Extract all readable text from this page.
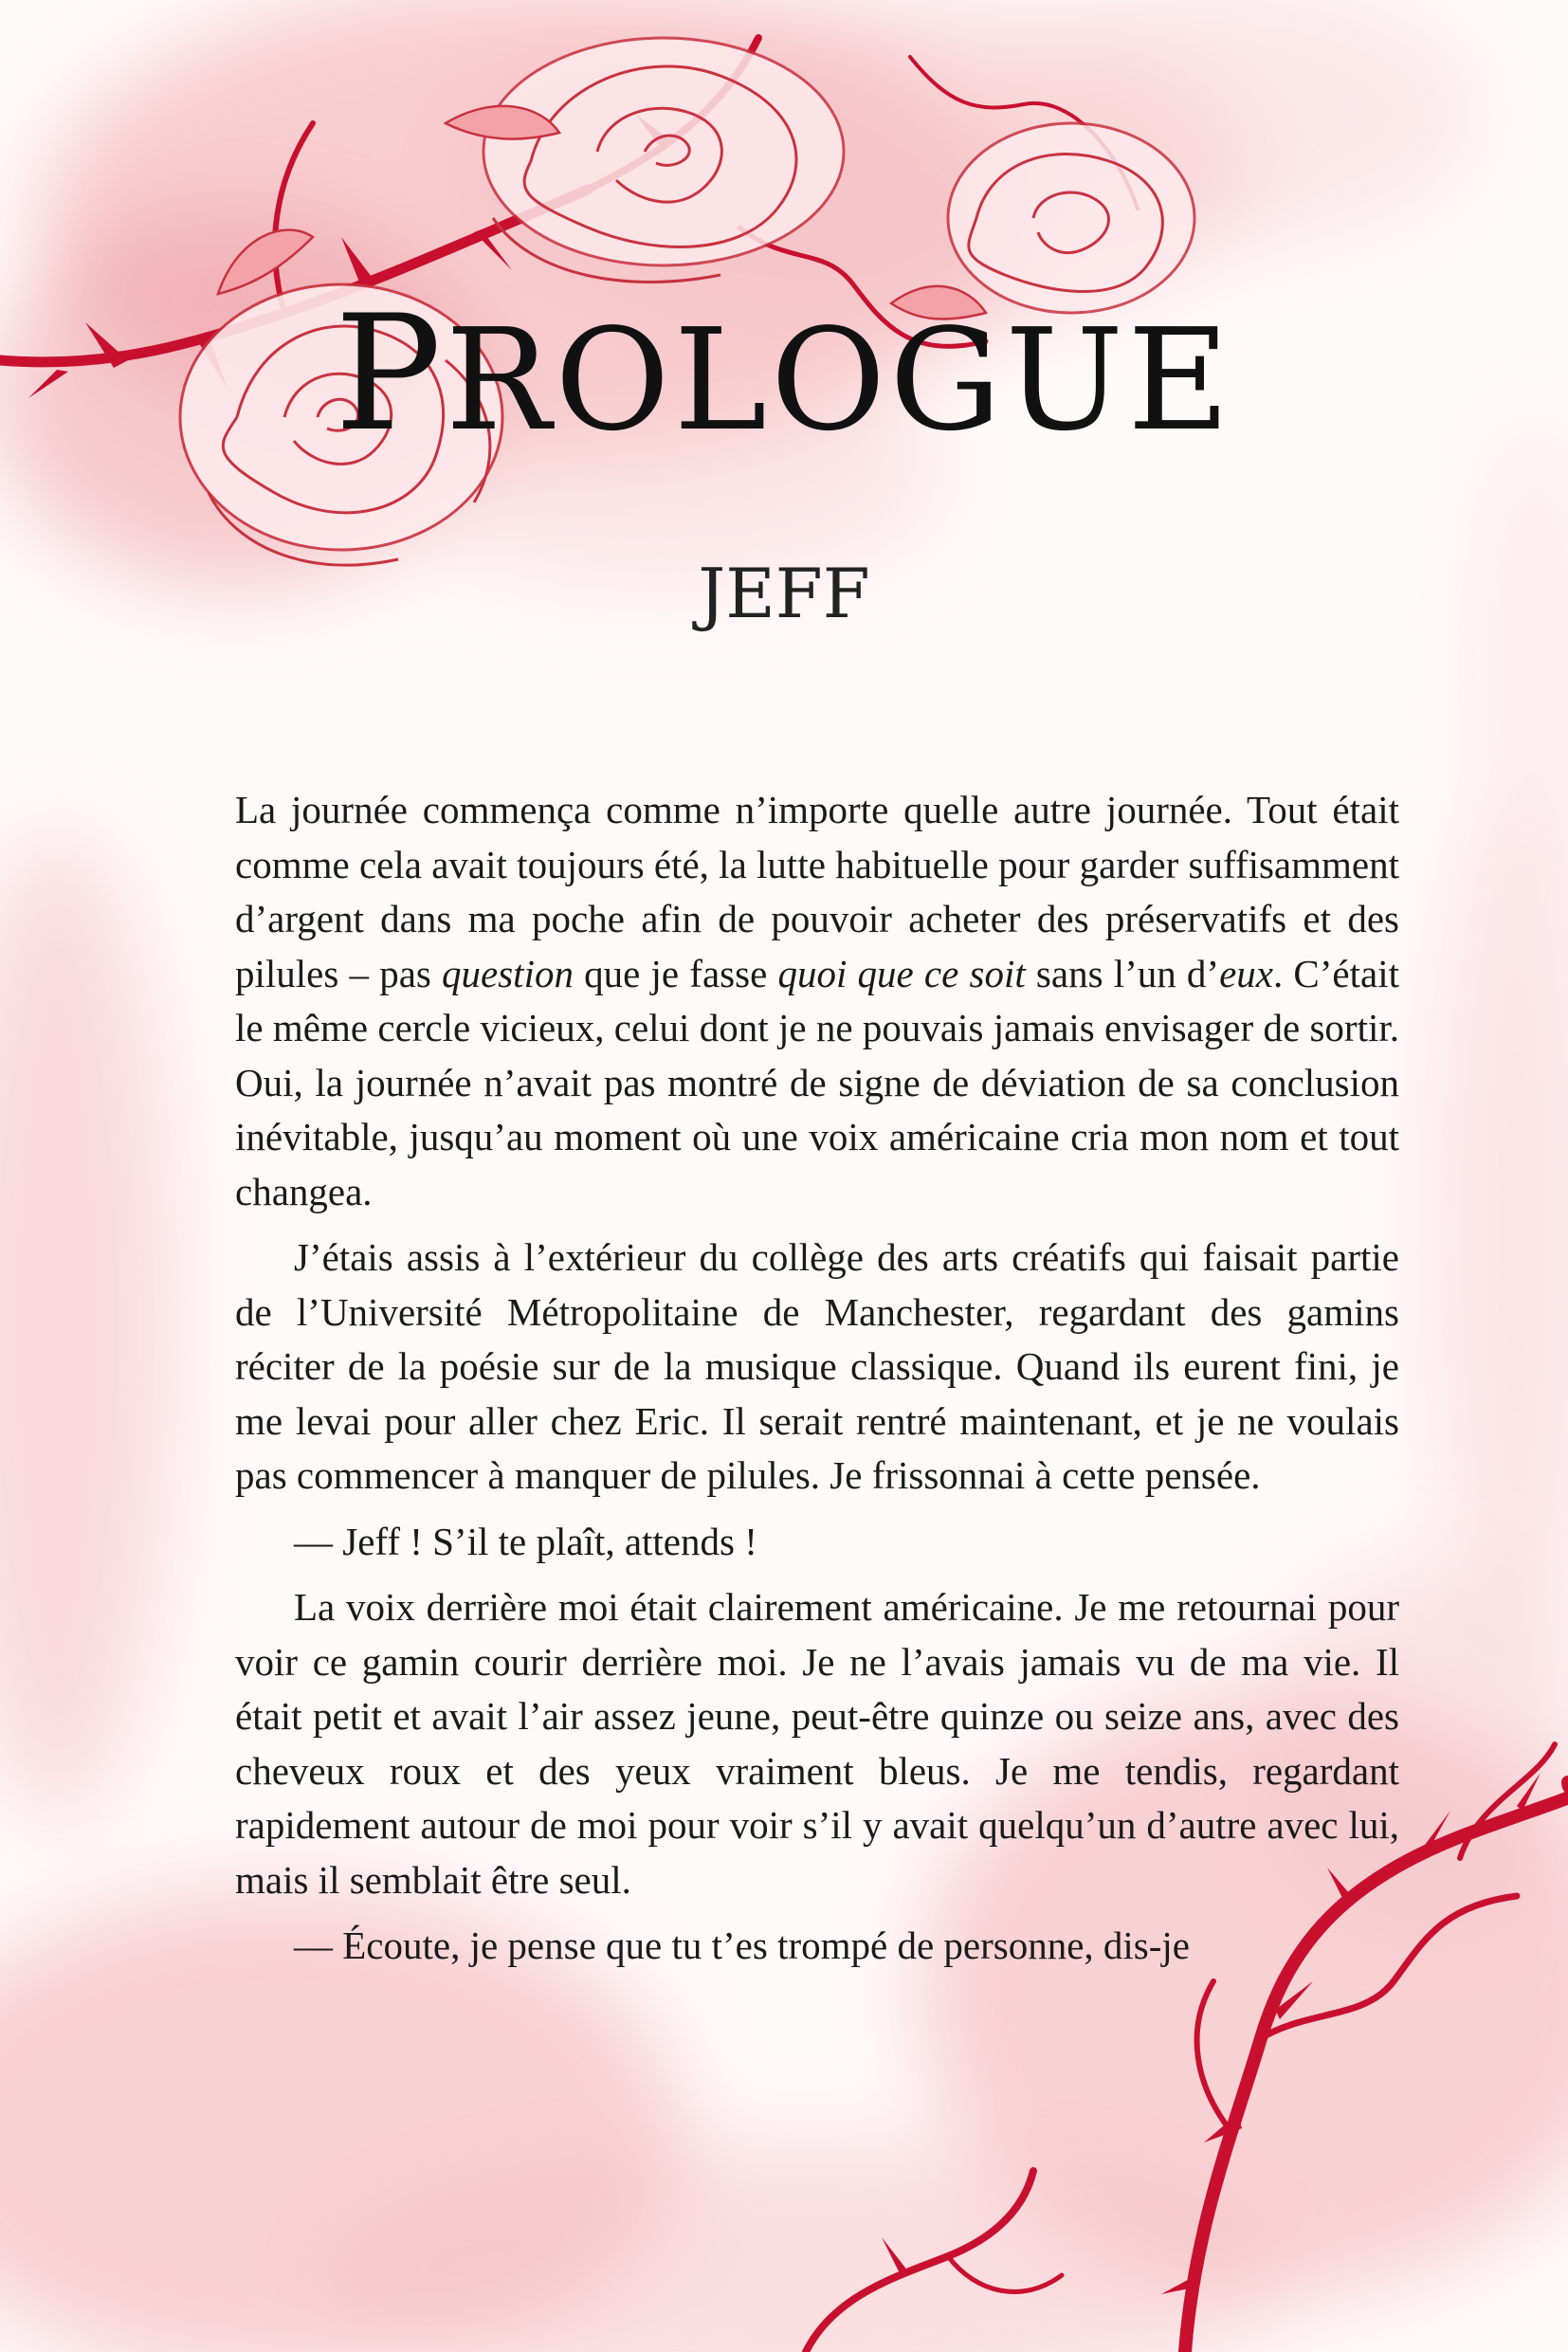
PROLOGUE
JEFF

La journée commença comme n’importe quelle autre journée. Tout était comme cela avait toujours été, la lutte habituelle pour garder suffisamment d’argent dans ma poche afin de pouvoir acheter des préservatifs et des pilules – pas question que je fasse quoi que ce soit sans l’un d’eux. C’était le même cercle vicieux, celui dont je ne pouvais jamais envisager de sortir. Oui, la journée n’avait pas montré de signe de déviation de sa conclusion inévitable, jusqu’au moment où une voix américaine cria mon nom et tout changea.

J’étais assis à l’extérieur du collège des arts créatifs qui faisait partie de l’Université Métropolitaine de Manchester, regardant des gamins réciter de la poésie sur de la musique classique. Quand ils eurent fini, je me levai pour aller chez Eric. Il serait rentré maintenant, et je ne voulais pas commencer à manquer de pilules. Je frissonnai à cette pensée.

— Jeff ! S’il te plaît, attends !

La voix derrière moi était clairement américaine. Je me retournai pour voir ce gamin courir derrière moi. Je ne l’avais jamais vu de ma vie. Il était petit et avait l’air assez jeune, peut-être quinze ou seize ans, avec des cheveux roux et des yeux vraiment bleus. Je me tendis, regardant rapidement autour de moi pour voir s’il y avait quelqu’un d’autre avec lui, mais il semblait être seul.

— Écoute, je pense que tu t’es trompé de personne, dis-je
